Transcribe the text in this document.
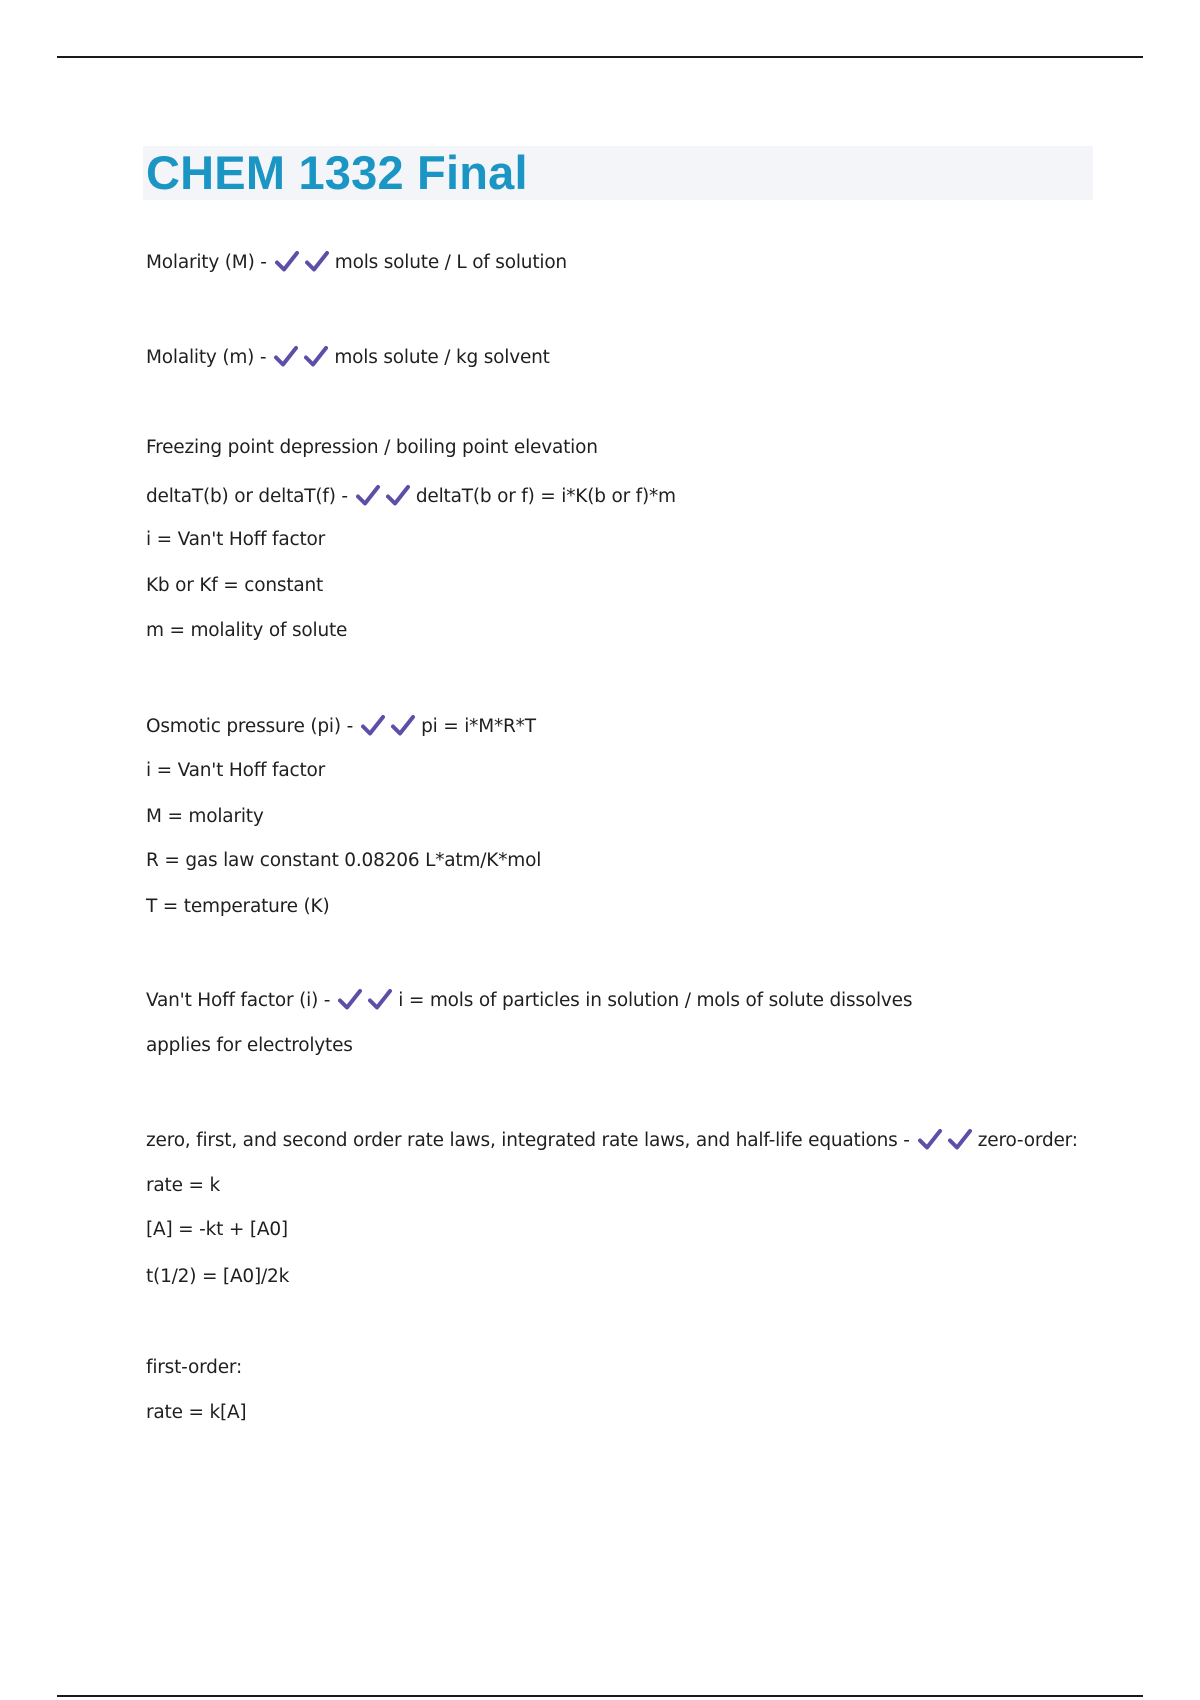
CHEM 1332 Final
Molarity (M) -	mols solute / L of solution
Molality (m) -	mols solute / kg solvent
Freezing point depression / boiling point elevation
deltaT(b) or deltaT(f) -	deltaT(b or f) = i*K(b or f)*m
i = Van't Hoff factor
Kb or Kf = constant
m = molality of solute
Osmotic pressure (pi) -	pi = i*M*R*T
i = Van't Hoff factor
M = molarity
R = gas law constant 0.08206 L*atm/K*mol
T = temperature (K)
Van't Hoff factor (i) -	i = mols of particles in solution / mols of solute dissolves
applies for electrolytes
zero, first, and second order rate laws, integrated rate laws, and half-life equations -	zero-order:
rate = k
[A] = -kt + [A0]
t(1/2) = [A0]/2k
first-order:
rate = k[A]
